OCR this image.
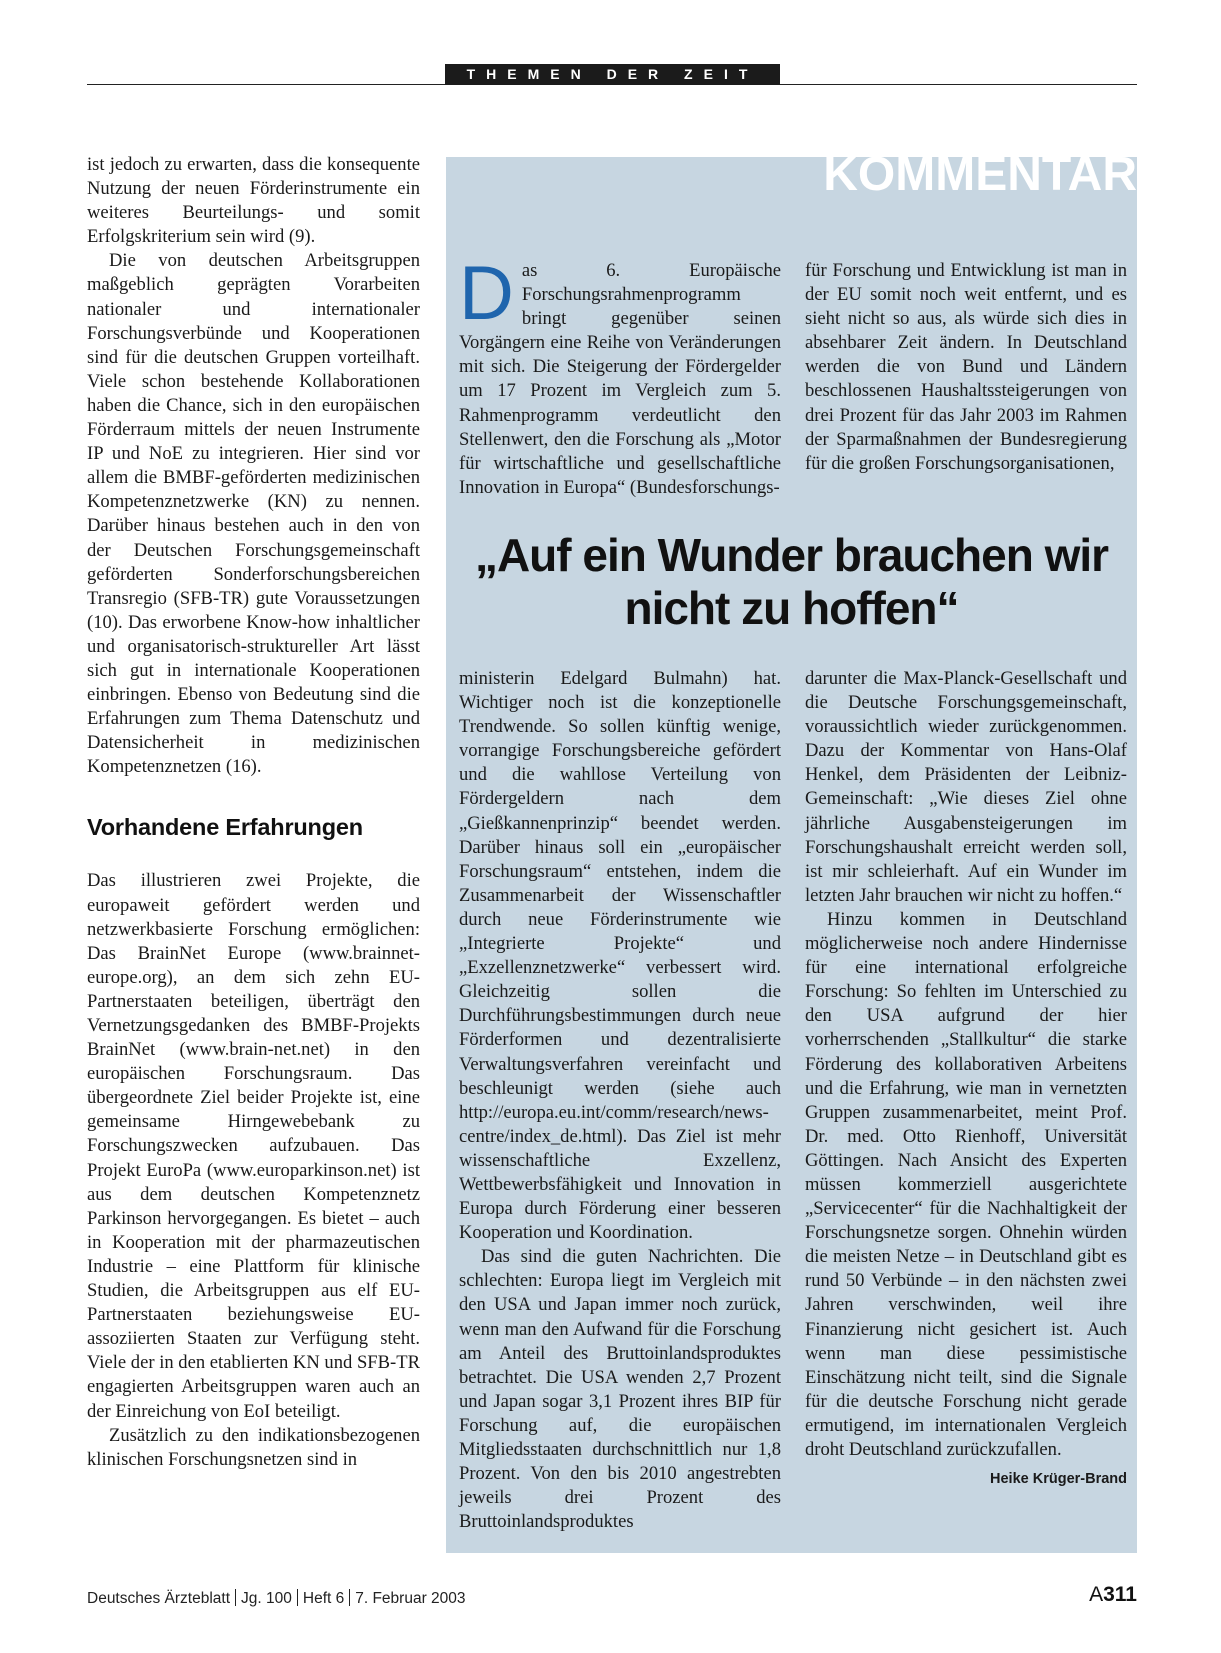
THEMEN DER ZEIT

ist jedoch zu erwarten, dass die konsequente Nutzung der neuen Förderinstrumente ein weiteres Beurteilungs- und somit Erfolgskriterium sein wird (9).

Die von deutschen Arbeitsgruppen maßgeblich geprägten Vorarbeiten nationaler und internationaler Forschungsverbünde und Kooperationen sind für die deutschen Gruppen vorteilhaft. Viele schon bestehende Kollaborationen haben die Chance, sich in den europäischen Förderraum mittels der neuen Instrumente IP und NoE zu integrieren. Hier sind vor allem die BMBF-geförderten medizinischen Kompetenznetzwerke (KN) zu nennen. Darüber hinaus bestehen auch in den von der Deutschen Forschungsgemeinschaft geförderten Sonderforschungsbereichen Transregio (SFB-TR) gute Voraussetzungen (10). Das erworbene Know-how inhaltlicher und organisatorisch-struktureller Art lässt sich gut in internationale Kooperationen einbringen. Ebenso von Bedeutung sind die Erfahrungen zum Thema Datenschutz und Datensicherheit in medizinischen Kompetenznetzen (16).

Vorhandene Erfahrungen

Das illustrieren zwei Projekte, die europaweit gefördert werden und netzwerkbasierte Forschung ermöglichen: Das BrainNet Europe (www.brainnet-europe.org), an dem sich zehn EU-Partnerstaaten beteiligen, überträgt den Vernetzungsgedanken des BMBF-Projekts BrainNet (www.brain-net.net) in den europäischen Forschungsraum. Das übergeordnete Ziel beider Projekte ist, eine gemeinsame Hirngewebebank zu Forschungszwecken aufzubauen. Das Projekt EuroPa (www.europarkinson.net) ist aus dem deutschen Kompetenznetz Parkinson hervorgegangen. Es bietet – auch in Kooperation mit der pharmazeutischen Industrie – eine Plattform für klinische Studien, die Arbeitsgruppen aus elf EU-Partnerstaaten beziehungsweise EU-assoziierten Staaten zur Verfügung steht. Viele der in den etablierten KN und SFB-TR engagierten Arbeitsgruppen waren auch an der Einreichung von EoI beteiligt.

Zusätzlich zu den indikationsbezogenen klinischen Forschungsnetzen sind in

KOMMENTAR

Das 6. Europäische Forschungsrahmenprogramm bringt gegenüber seinen Vorgängern eine Reihe von Veränderungen mit sich. Die Steigerung der Fördergelder um 17 Prozent im Vergleich zum 5. Rahmenprogramm verdeutlicht den Stellenwert, den die Forschung als „Motor für wirtschaftliche und gesellschaftliche Innovation in Europa“ (Bundesforschungs-

für Forschung und Entwicklung ist man in der EU somit noch weit entfernt, und es sieht nicht so aus, als würde sich dies in absehbarer Zeit ändern. In Deutschland werden die von Bund und Ländern beschlossenen Haushaltssteigerungen von drei Prozent für das Jahr 2003 im Rahmen der Sparmaßnahmen der Bundesregierung für die großen Forschungsorganisationen,

„Auf ein Wunder brauchen wir
nicht zu hoffen“

ministerin Edelgard Bulmahn) hat. Wichtiger noch ist die konzeptionelle Trendwende. So sollen künftig wenige, vorrangige Forschungsbereiche gefördert und die wahllose Verteilung von Fördergeldern nach dem „Gießkannenprinzip“ beendet werden. Darüber hinaus soll ein „europäischer Forschungsraum“ entstehen, indem die Zusammenarbeit der Wissenschaftler durch neue Förderinstrumente wie „Integrierte Projekte“ und „Exzellenznetzwerke“ verbessert wird. Gleichzeitig sollen die Durchführungsbestimmungen durch neue Förderformen und dezentralisierte Verwaltungsverfahren vereinfacht und beschleunigt werden (siehe auch http://europa.eu.int/comm/research/news-centre/index_de.html). Das Ziel ist mehr wissenschaftliche Exzellenz, Wettbewerbsfähigkeit und Innovation in Europa durch Förderung einer besseren Kooperation und Koordination.

Das sind die guten Nachrichten. Die schlechten: Europa liegt im Vergleich mit den USA und Japan immer noch zurück, wenn man den Aufwand für die Forschung am Anteil des Bruttoinlandsproduktes betrachtet. Die USA wenden 2,7 Prozent und Japan sogar 3,1 Prozent ihres BIP für Forschung auf, die europäischen Mitgliedsstaaten durchschnittlich nur 1,8 Prozent. Von den bis 2010 angestrebten jeweils drei Prozent des Bruttoinlandsproduktes

darunter die Max-Planck-Gesellschaft und die Deutsche Forschungsgemeinschaft, voraussichtlich wieder zurückgenommen. Dazu der Kommentar von Hans-Olaf Henkel, dem Präsidenten der Leibniz-Gemeinschaft: „Wie dieses Ziel ohne jährliche Ausgabensteigerungen im Forschungshaushalt erreicht werden soll, ist mir schleierhaft. Auf ein Wunder im letzten Jahr brauchen wir nicht zu hoffen.“

Hinzu kommen in Deutschland möglicherweise noch andere Hindernisse für eine international erfolgreiche Forschung: So fehlten im Unterschied zu den USA aufgrund der hier vorherrschenden „Stallkultur“ die starke Förderung des kollaborativen Arbeitens und die Erfahrung, wie man in vernetzten Gruppen zusammenarbeitet, meint Prof. Dr. med. Otto Rienhoff, Universität Göttingen. Nach Ansicht des Experten müssen kommerziell ausgerichtete „Servicecenter“ für die Nachhaltigkeit der Forschungsnetze sorgen. Ohnehin würden die meisten Netze – in Deutschland gibt es rund 50 Verbünde – in den nächsten zwei Jahren verschwinden, weil ihre Finanzierung nicht gesichert ist. Auch wenn man diese pessimistische Einschätzung nicht teilt, sind die Signale für die deutsche Forschung nicht gerade ermutigend, im internationalen Vergleich droht Deutschland zurückzufallen.
Heike Krüger-Brand

Deutsches Ärzteblatt Jg. 100 Heft 6 7. Februar 2003	A311
